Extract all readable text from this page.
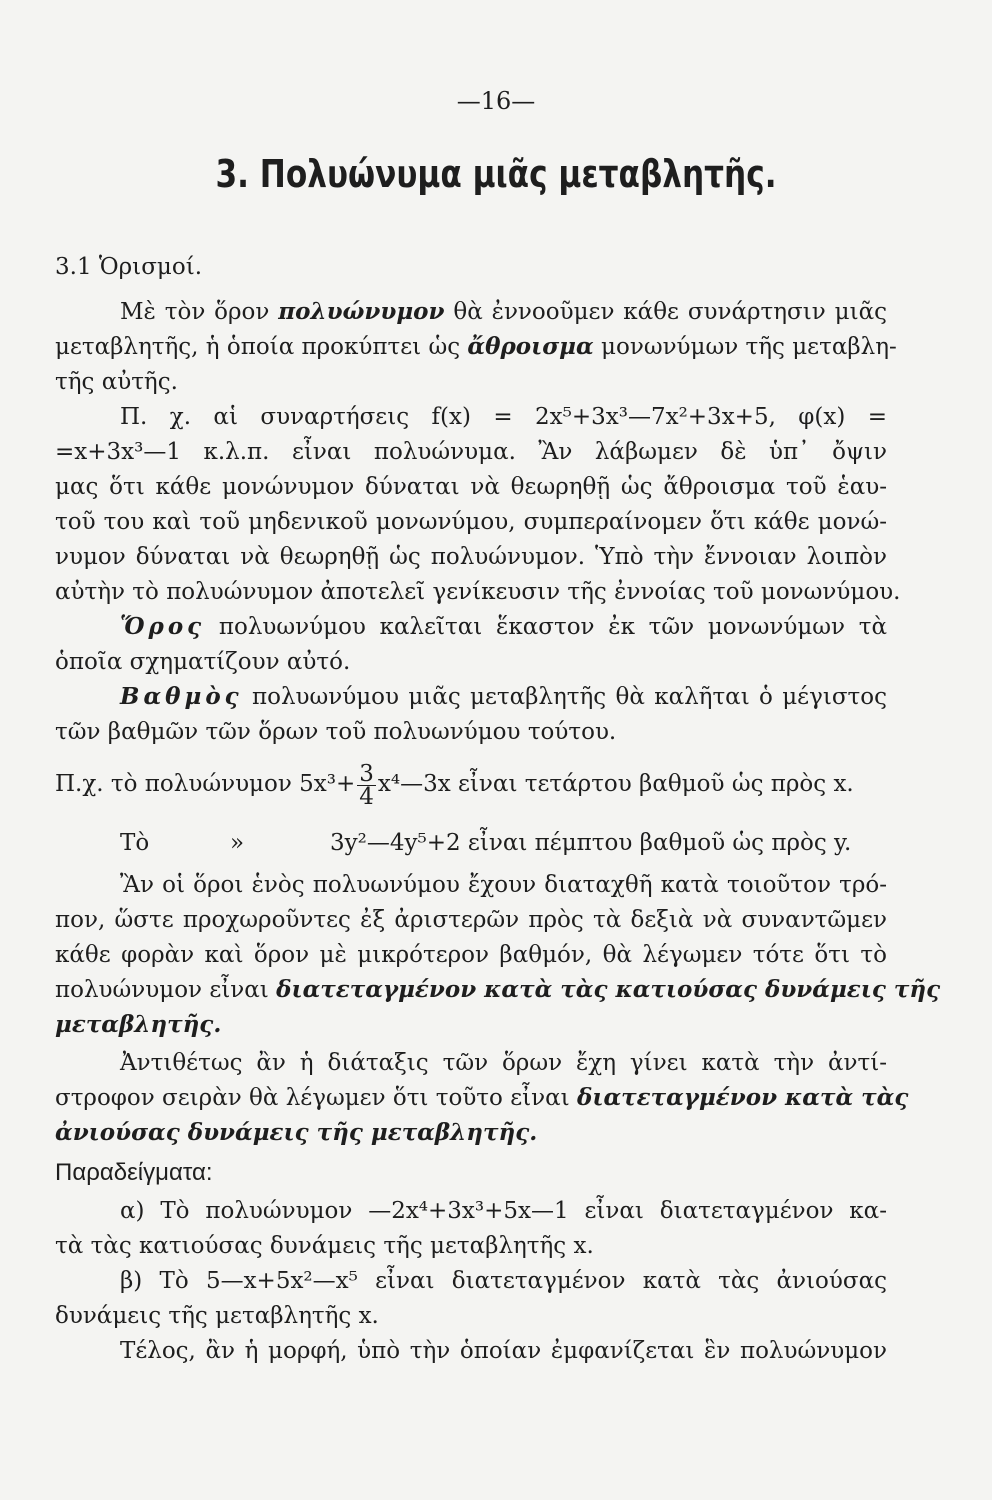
—16—
3. Πολυώνυμα μιᾶς μεταβλητῆς.
3.1 Ὁρισμοί.
Μὲ τὸν ὅρον πολυώνυμον θὰ ἐννοοῦμεν κάθε συνάρτησιν μιᾶς
μεταβλητῆς, ἡ ὁποία προκύπτει ὡς ἄθροισμα μονωνύμων τῆς μεταβλη-
τῆς αὐτῆς.
Π. χ. αἱ συναρτήσεις f(x) = 2x⁵+3x³—7x²+3x+5, φ(x) =
=x+3x³—1 κ.λ.π. εἶναι πολυώνυμα. Ἂν λάβωμεν δὲ ὑπ᾽ ὄψιν
μας ὅτι κάθε μονώνυμον δύναται νὰ θεωρηθῇ ὡς ἄθροισμα τοῦ ἑαυ-
τοῦ του καὶ τοῦ μηδενικοῦ μονωνύμου, συμπεραίνομεν ὅτι κάθε μονώ-
νυμον δύναται νὰ θεωρηθῇ ὡς πολυώνυμον. Ὑπὸ τὴν ἔννοιαν λοιπὸν
αὐτὴν τὸ πολυώνυμον ἀποτελεῖ γενίκευσιν τῆς ἐννοίας τοῦ μονωνύμου.
Ὅρος πολυωνύμου καλεῖται ἕκαστον ἐκ τῶν μονωνύμων τὰ
ὁποῖα σχηματίζουν αὐτό.
Βαθμὸς πολυωνύμου μιᾶς μεταβλητῆς θὰ καλῆται ὁ μέγιστος
τῶν βαθμῶν τῶν ὅρων τοῦ πολυωνύμου τούτου.
Π.χ. τὸ πολυώνυμον $5x^3+ \frac{3}{4}$ x⁴—3x εἶναι τετάρτου βαθμοῦ ὡς πρὸς x.
Τὸ	»	3y²—4y⁵+2 εἶναι πέμπτου βαθμοῦ ὡς πρὸς y.
Ἂν οἱ ὅροι ἑνὸς πολυωνύμου ἔχουν διαταχθῆ κατὰ τοιοῦτον τρό-
πον, ὥστε προχωροῦντες ἐξ ἀριστερῶν πρὸς τὰ δεξιὰ νὰ συναντῶμεν
κάθε φορὰν καὶ ὅρον μὲ μικρότερον βαθμόν, θὰ λέγωμεν τότε ὅτι τὸ
πολυώνυμον εἶναι διατεταγμένον κατὰ τὰς κατιούσας δυνάμεις τῆς
μεταβλητῆς.
Ἀντιθέτως ἂν ἡ διάταξις τῶν ὅρων ἔχη γίνει κατὰ τὴν ἀντί-
στροφον σειρὰν θὰ λέγωμεν ὅτι τοῦτο εἶναι διατεταγμένον κατὰ τὰς
ἀνιούσας δυνάμεις τῆς μεταβλητῆς.
Παραδείγματα:
α) Τὸ πολυώνυμον —2x⁴+3x³+5x—1 εἶναι διατεταγμένον κα-
τὰ τὰς κατιούσας δυνάμεις τῆς μεταβλητῆς x.
β) Τὸ 5—x+5x²—x⁵ εἶναι διατεταγμένον κατὰ τὰς ἀνιούσας
δυνάμεις τῆς μεταβλητῆς x.
Τέλος, ἂν ἡ μορφή, ὑπὸ τὴν ὁποίαν ἐμφανίζεται ἓν πολυώνυμον
